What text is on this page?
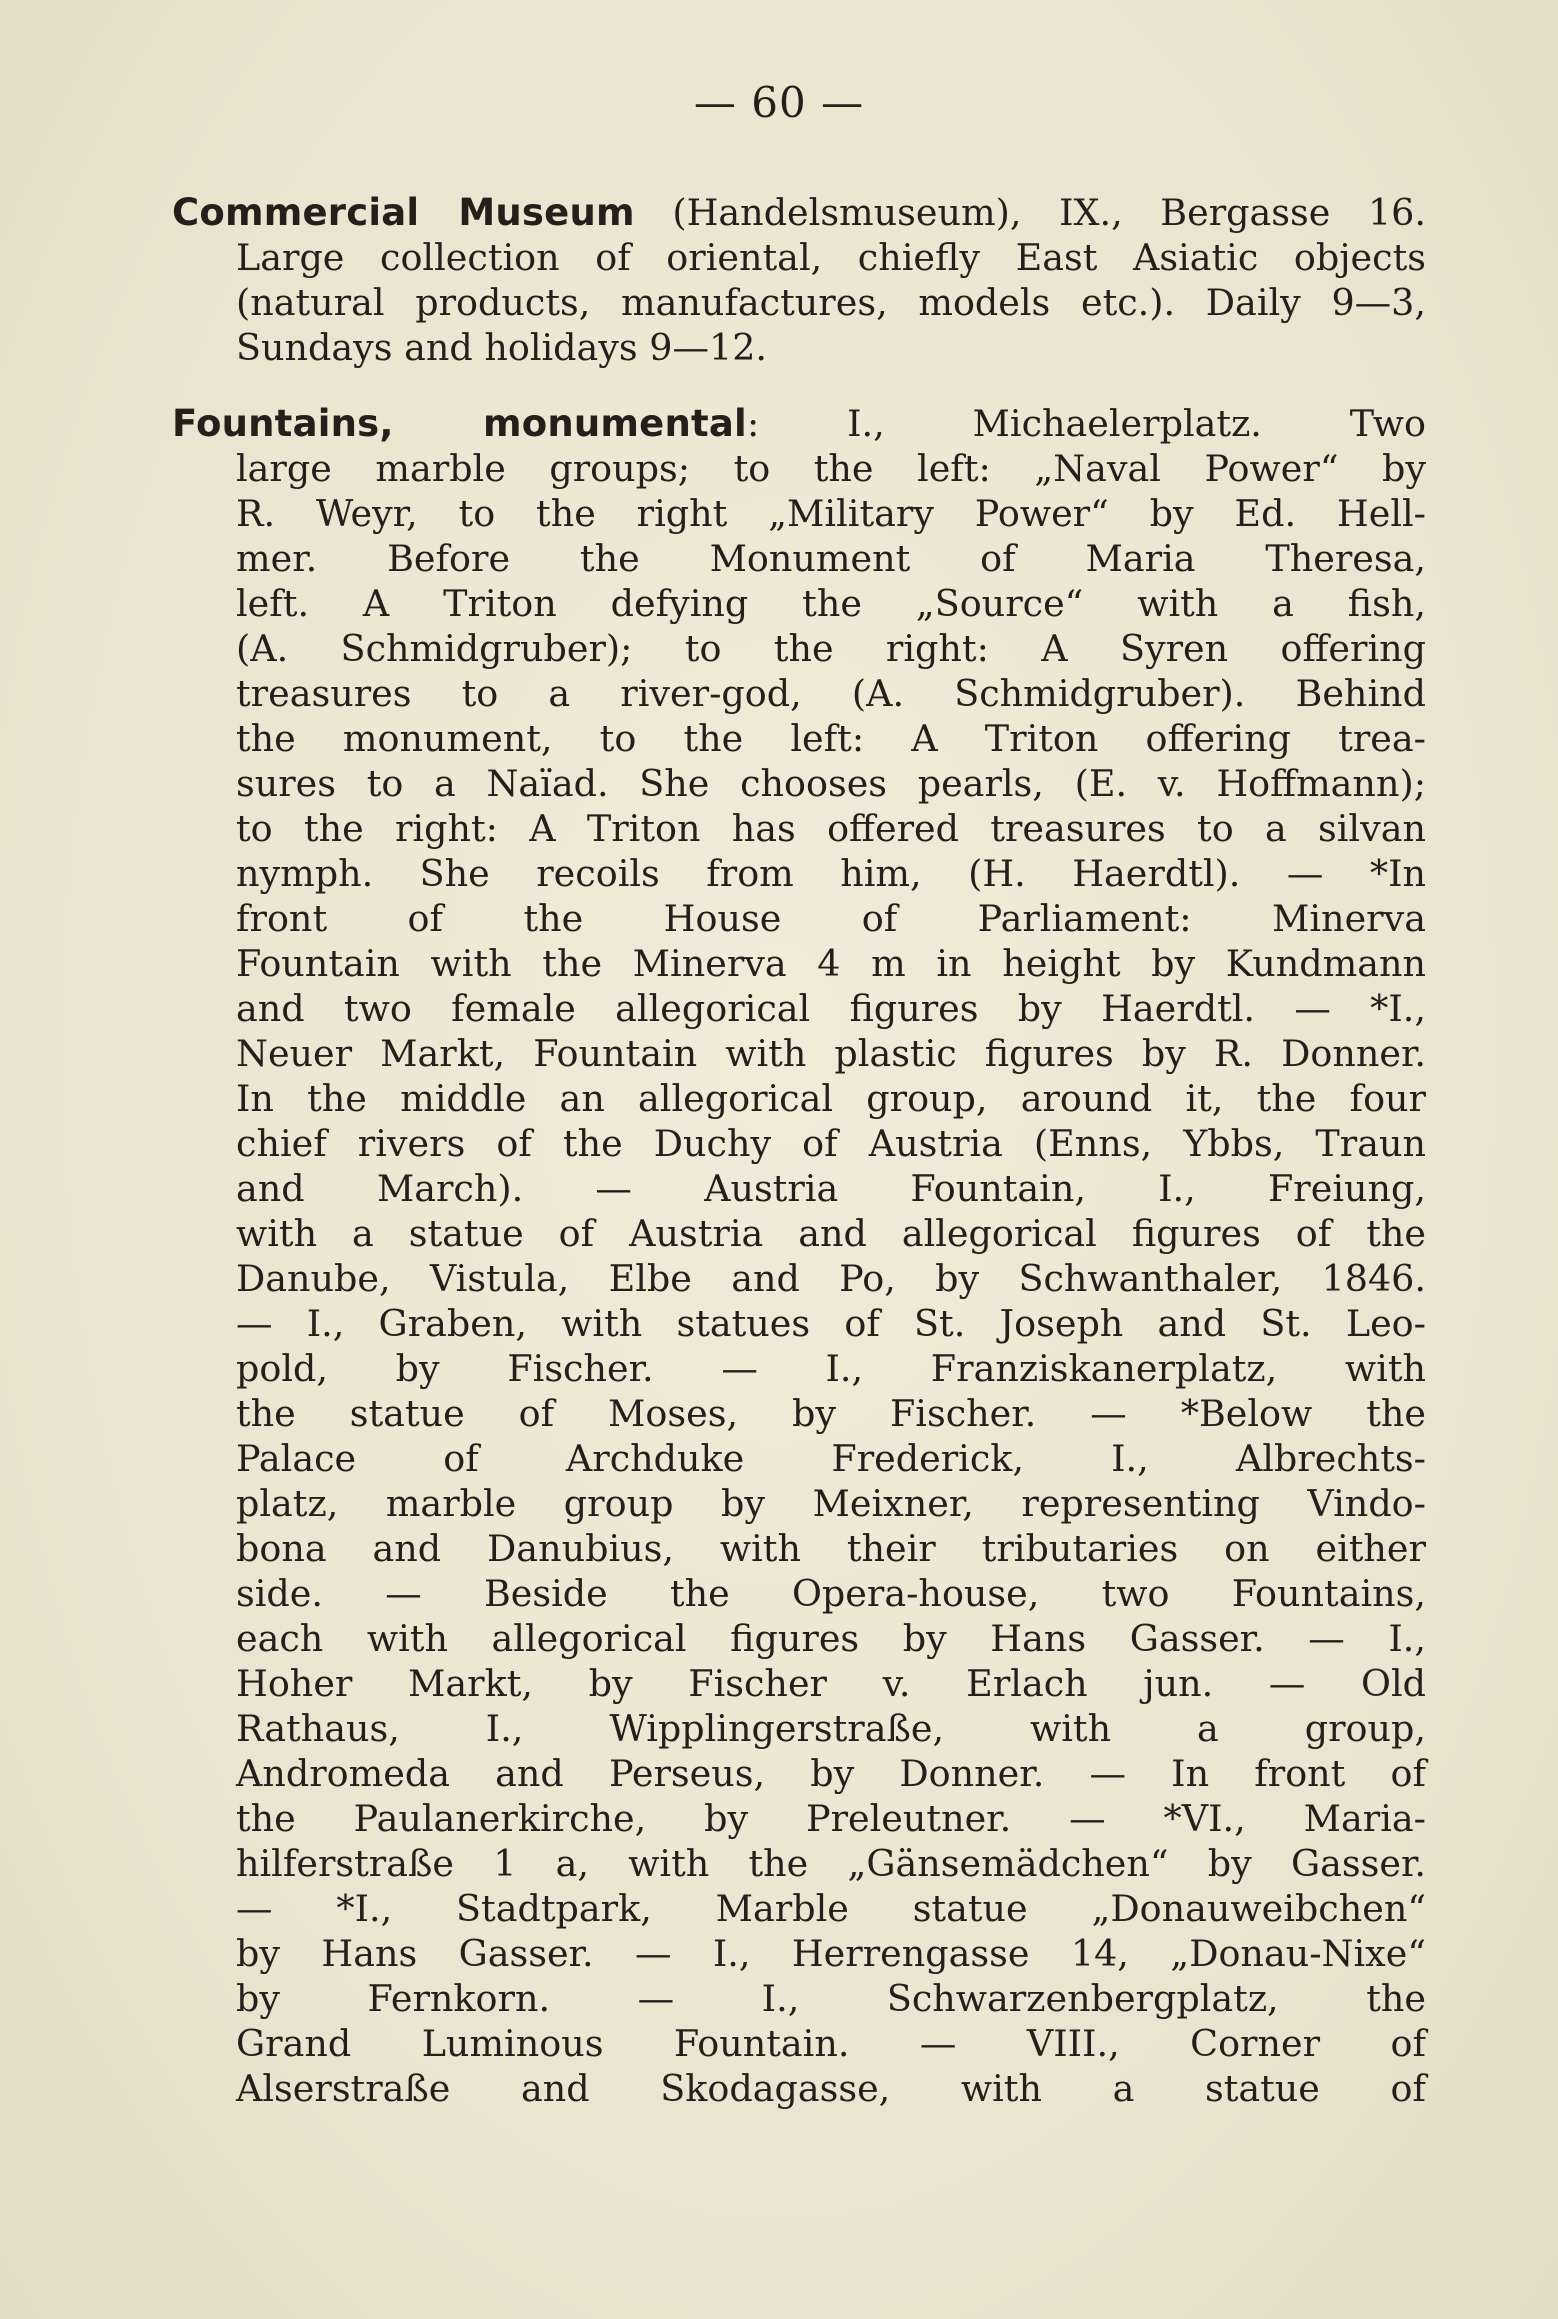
— 60 —
Commercial Museum (Handelsmuseum), IX., Bergasse 16.
Large collection of oriental, chiefly East Asiatic objects
(natural products, manufactures, models etc.). Daily 9—3,
Sundays and holidays 9—12.
Fountains, monumental: I., Michaelerplatz. Two
large marble groups; to the left: „Naval Power“ by
R. Weyr, to the right „Military Power“ by Ed. Hell-
mer. Before the Monument of Maria Theresa,
left. A Triton defying the „Source“ with a fish,
(A. Schmidgruber); to the right: A Syren offering
treasures to a river-god, (A. Schmidgruber). Behind
the monument, to the left: A Triton offering trea-
sures to a Naïad. She chooses pearls, (E. v. Hoffmann);
to the right: A Triton has offered treasures to a silvan
nymph. She recoils from him, (H. Haerdtl). — *In
front of the House of Parliament: Minerva
Fountain with the Minerva 4 m in height by Kundmann
and two female allegorical figures by Haerdtl. — *I.,
Neuer Markt, Fountain with plastic figures by R. Donner.
In the middle an allegorical group, around it, the four
chief rivers of the Duchy of Austria (Enns, Ybbs, Traun
and March). — Austria Fountain, I., Freiung,
with a statue of Austria and allegorical figures of the
Danube, Vistula, Elbe and Po, by Schwanthaler, 1846.
— I., Graben, with statues of St. Joseph and St. Leo-
pold, by Fischer. — I., Franziskanerplatz, with
the statue of Moses, by Fischer. — *Below the
Palace of Archduke Frederick, I., Albrechts-
platz, marble group by Meixner, representing Vindo-
bona and Danubius, with their tributaries on either
side. — Beside the Opera-house, two Fountains,
each with allegorical figures by Hans Gasser. — I.,
Hoher Markt, by Fischer v. Erlach jun. — Old
Rathaus, I., Wipplingerstraße, with a group,
Andromeda and Perseus, by Donner. — In front of
the Paulanerkirche, by Preleutner. — *VI., Maria-
hilferstraße 1 a, with the „Gänsemädchen“ by Gasser.
— *I., Stadtpark, Marble statue „Donauweibchen“
by Hans Gasser. — I., Herrengasse 14, „Donau-Nixe“
by Fernkorn. — I., Schwarzenbergplatz, the
Grand Luminous Fountain. — VIII., Corner of
Alserstraße and Skodagasse, with a statue of
